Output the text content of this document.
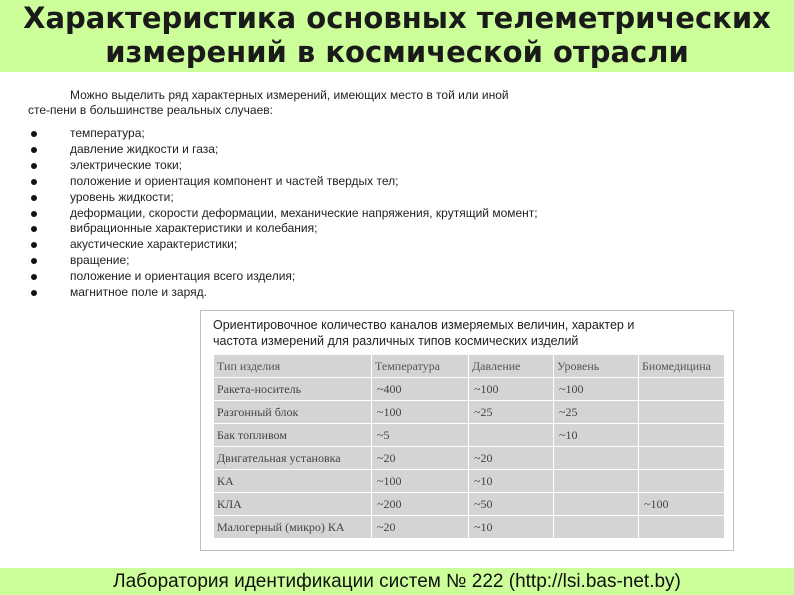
Характеристика основных телеметрических
измерений в космической отрасли
Можно выделить ряд характерных измерений, имеющих место в той или иной
сте-пени в большинстве реальных случаев:
температура;
давление жидкости и газа;
электрические токи;
положение и ориентация компонент и частей твердых тел;
уровень жидкости;
деформации, скорости деформации, механические напряжения, крутящий момент;
вибрационные характеристики и колебания;
акустические характеристики;
вращение;
положение и ориентация всего изделия;
магнитное поле и заряд.
Ориентировочное количество каналов измеряемых величин, характер и
частота измерений для различных типов космических изделий
Тип изделия	Температура	Давление	Уровень	Биомедицина
Ракета-носитель	~400	~100	~100	
Разгонный блок	~100	~25	~25	
Бак топливом	~5		~10	
Двигательная установка	~20	~20		
КА	~100	~10		
КЛА	~200	~50		~100
Малогерный (микро) КА	~20	~10		
Лаборатория идентификации систем № 222 (http://lsi.bas-net.by)
